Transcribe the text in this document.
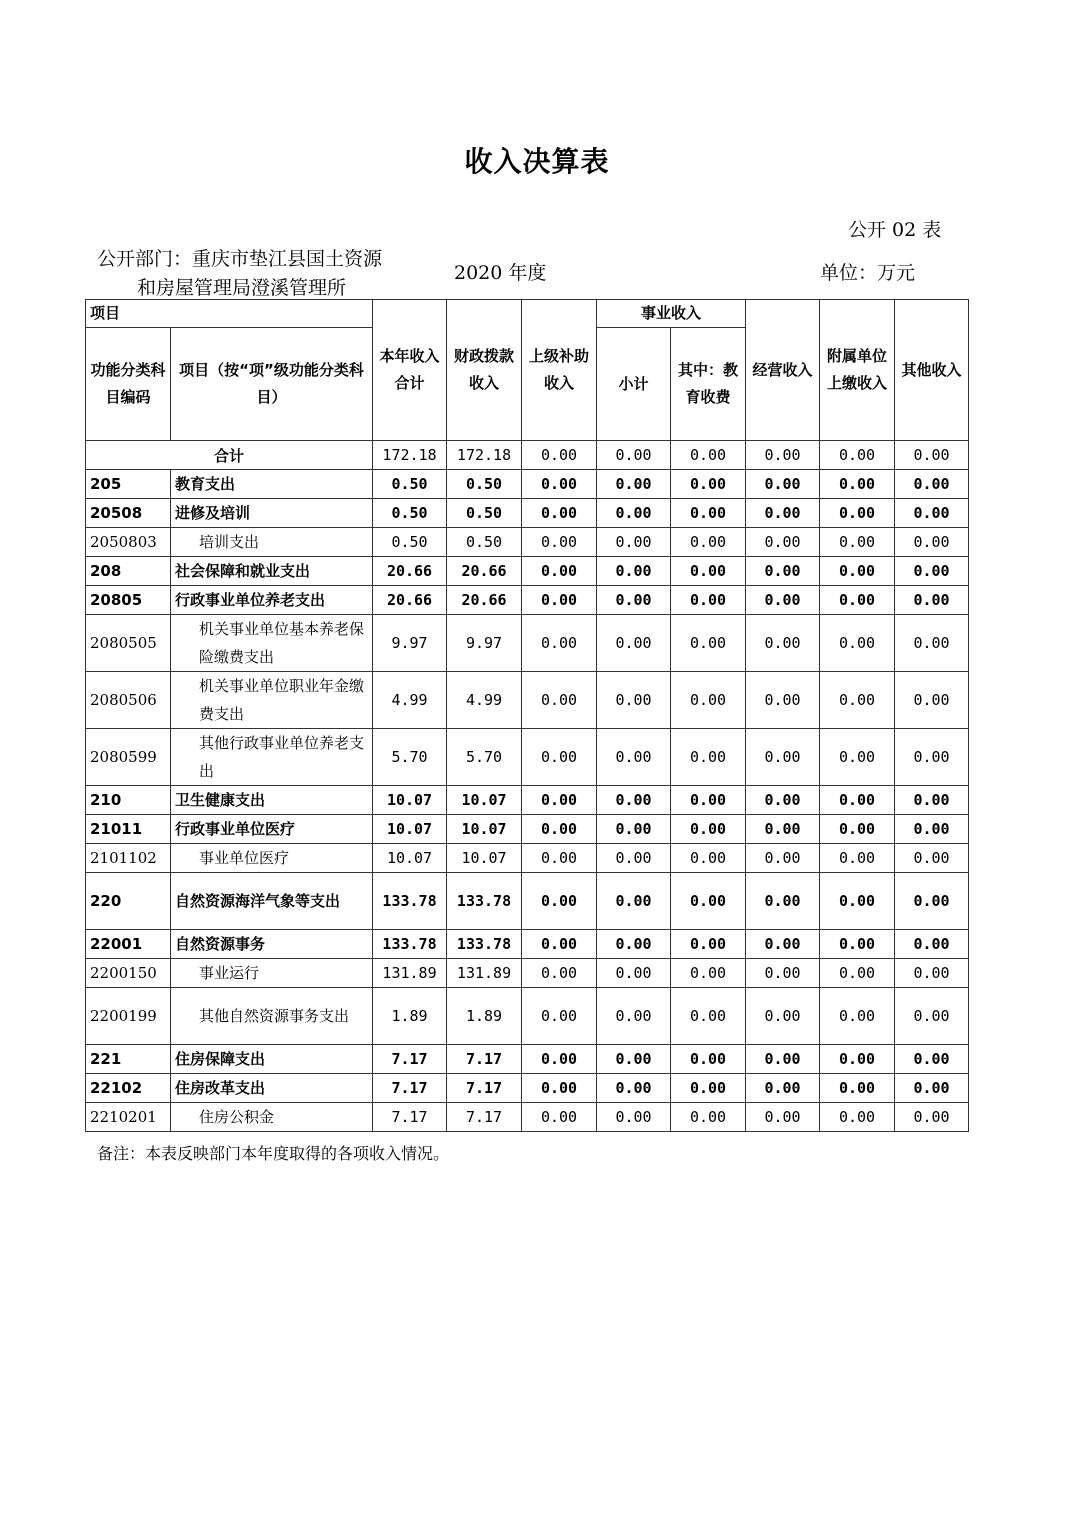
收入决算表
公开 02 表
公开部门：重庆市垫江县国土资源
和房屋管理局澄溪管理所
2020 年度	单位：万元
项目		本年收入合计	财政拨款收入	上级补助收入	事业收入		经营收入	附属单位上缴收入	其他收入
功能分类科目编码	项目（按“项”级功能分类科目）				小计	其中：教育收费			

合计		172.18	172.18	0.00	0.00	0.00	0.00	0.00	0.00
205	教育支出	0.50	0.50	0.00	0.00	0.00	0.00	0.00	0.00
20508	进修及培训	0.50	0.50	0.00	0.00	0.00	0.00	0.00	0.00
2050803	培训支出	0.50	0.50	0.00	0.00	0.00	0.00	0.00	0.00
208	社会保障和就业支出	20.66	20.66	0.00	0.00	0.00	0.00	0.00	0.00
20805	行政事业单位养老支出	20.66	20.66	0.00	0.00	0.00	0.00	0.00	0.00
2080505	机关事业单位基本养老保险缴费支出	9.97	9.97	0.00	0.00	0.00	0.00	0.00	0.00
2080506	机关事业单位职业年金缴费支出	4.99	4.99	0.00	0.00	0.00	0.00	0.00	0.00
2080599	其他行政事业单位养老支出	5.70	5.70	0.00	0.00	0.00	0.00	0.00	0.00
210	卫生健康支出	10.07	10.07	0.00	0.00	0.00	0.00	0.00	0.00
21011	行政事业单位医疗	10.07	10.07	0.00	0.00	0.00	0.00	0.00	0.00
2101102	事业单位医疗	10.07	10.07	0.00	0.00	0.00	0.00	0.00	0.00
220	自然资源海洋气象等支出	133.78	133.78	0.00	0.00	0.00	0.00	0.00	0.00
22001	自然资源事务	133.78	133.78	0.00	0.00	0.00	0.00	0.00	0.00
2200150	事业运行	131.89	131.89	0.00	0.00	0.00	0.00	0.00	0.00
2200199	其他自然资源事务支出	1.89	1.89	0.00	0.00	0.00	0.00	0.00	0.00
221	住房保障支出	7.17	7.17	0.00	0.00	0.00	0.00	0.00	0.00
22102	住房改革支出	7.17	7.17	0.00	0.00	0.00	0.00	0.00	0.00
2210201	住房公积金	7.17	7.17	0.00	0.00	0.00	0.00	0.00	0.00
备注：本表反映部门本年度取得的各项收入情况。
